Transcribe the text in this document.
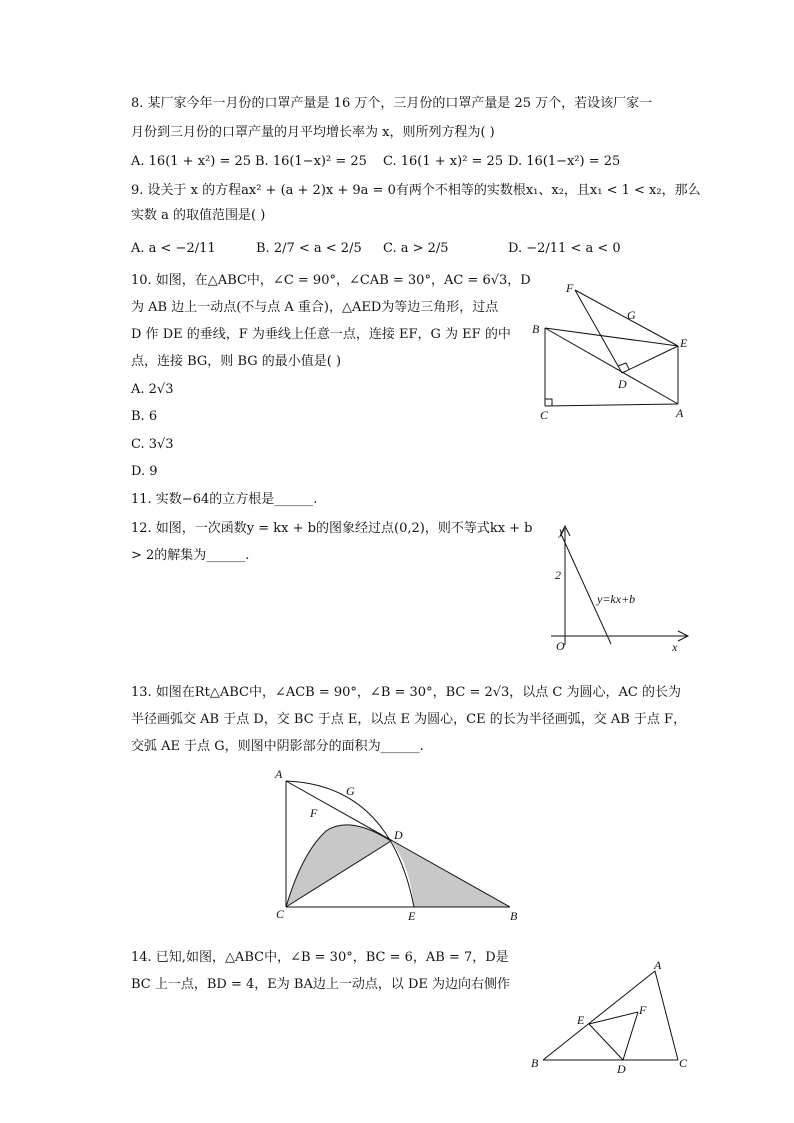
8. 某厂家今年一月份的口罩产量是 16 万个，三月份的口罩产量是 25 万个，若设该厂家一
月份到三月份的口罩产量的月平均增长率为 x，则所列方程为( )
A. 16(1 + x²) = 25 B. 16(1−x)² = 25 C. 16(1 + x)² = 25 D. 16(1−x²) = 25
9. 设关于 x 的方程ax² + (a + 2)x + 9a = 0有两个不相等的实数根x₁、x₂，且x₁ < 1 < x₂，那么
实数 a 的取值范围是( )
A. a < −2/11	B. 2/7 < a < 2/5 C. a > 2/5	D. −2/11 < a < 0
10. 如图，在△ABC中，∠C = 90°，∠CAB = 30°，AC = 6√3，D
为 AB 边上一动点(不与点 A 重合)，△AED为等边三角形，过点
D 作 DE 的垂线，F 为垂线上任意一点，连接 EF，G 为 EF 的中
点，连接 BG，则 BG 的最小值是( )
A. 2√3
B. 6
C. 3√3
D. 9
F
G
B
E
D
C	A
11. 实数−64的立方根是______.
12. 如图，一次函数y = kx + b的图象经过点(0,2)，则不等式kx + b
> 2的解集为______.
y
2
y=kx+b
O	x
13. 如图在Rt△ABC中，∠ACB = 90°，∠B = 30°，BC = 2√3，以点 C 为圆心，AC 的长为
半径画弧交 AB 于点 D，交 BC 于点 E，以点 E 为圆心，CE 的长为半径画弧，交 AB 于点 F，
交弧 AE 于点 G，则图中阴影部分的面积为______.
A
G
F
D
C	E	B
14. 已知,如图，△ABC中，∠B = 30°，BC = 6，AB = 7，D是
BC 上一点，BD = 4，E为 BA边上一动点，以 DE 为边向右侧作
A
F
E
B	D	C
